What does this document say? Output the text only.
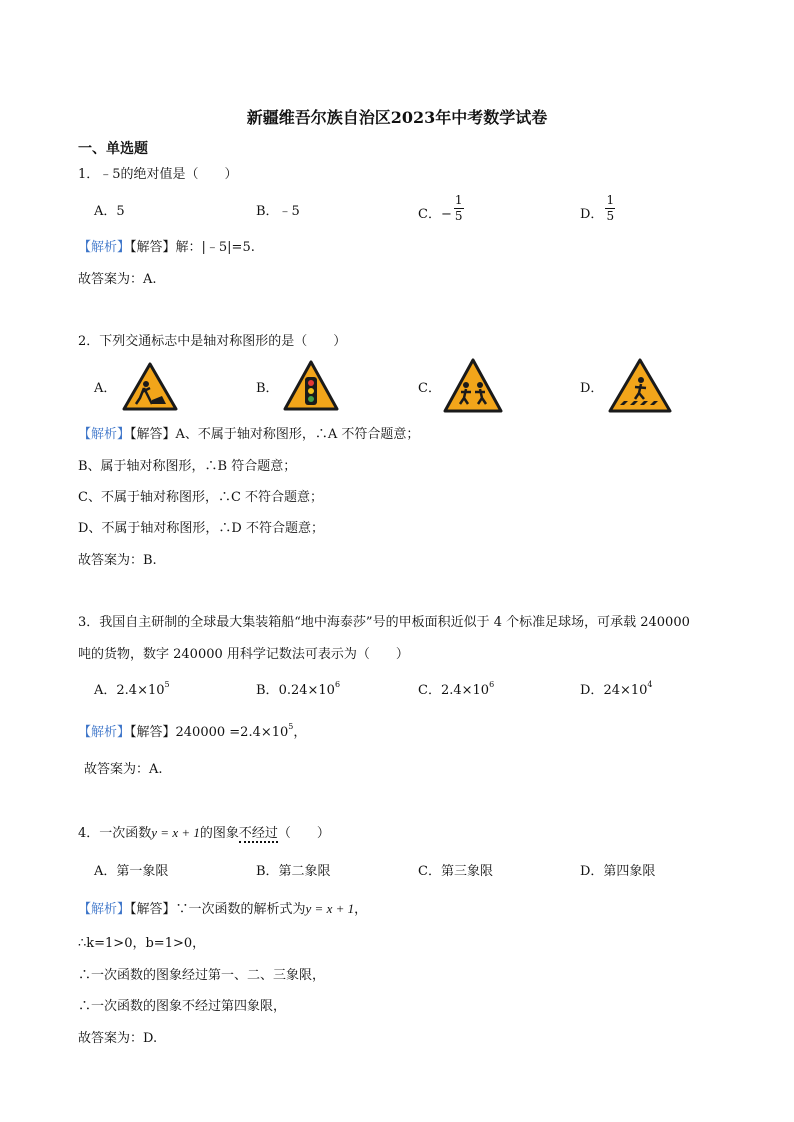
新疆维吾尔族自治区2023年中考数学试卷
一、单选题
1．﹣5的绝对值是（　　）
A．5	B．﹣5	C．− $\frac{1}{5}$	D． $\frac{1}{5}$
【解析】【解答】解：|﹣5|=5.
故答案为：A.
2．下列交通标志中是轴对称图形的是（　　）
A．	B．	C．	D．
【解析】【解答】A、不属于轴对称图形，∴A 不符合题意；
B、属于轴对称图形，∴B 符合题意；
C、不属于轴对称图形，∴C 不符合题意；
D、不属于轴对称图形，∴D 不符合题意；
故答案为：B.
3．我国自主研制的全球最大集装箱船“地中海泰莎”号的甲板面积近似于 4 个标准足球场，可承载 240000
吨的货物，数字 240000 用科学记数法可表示为（　　）
A．$2.4\times 10^5$	B．$0.24\times 10^6$	C．$2.4\times 10^6$	D．$24\times 10^4$
【解析】【解答】$240000 =2.4\times 10^5$，
故答案为：A.
4．一次函数y = x + 1的图象不经过（　　）
A．第一象限	B．第二象限	C．第三象限	D．第四象限
【解析】【解答】∵一次函数的解析式为y = x + 1，
∴k=1>0，b=1>0，
∴一次函数的图象经过第一、二、三象限，
∴一次函数的图象不经过第四象限，
故答案为：D.
